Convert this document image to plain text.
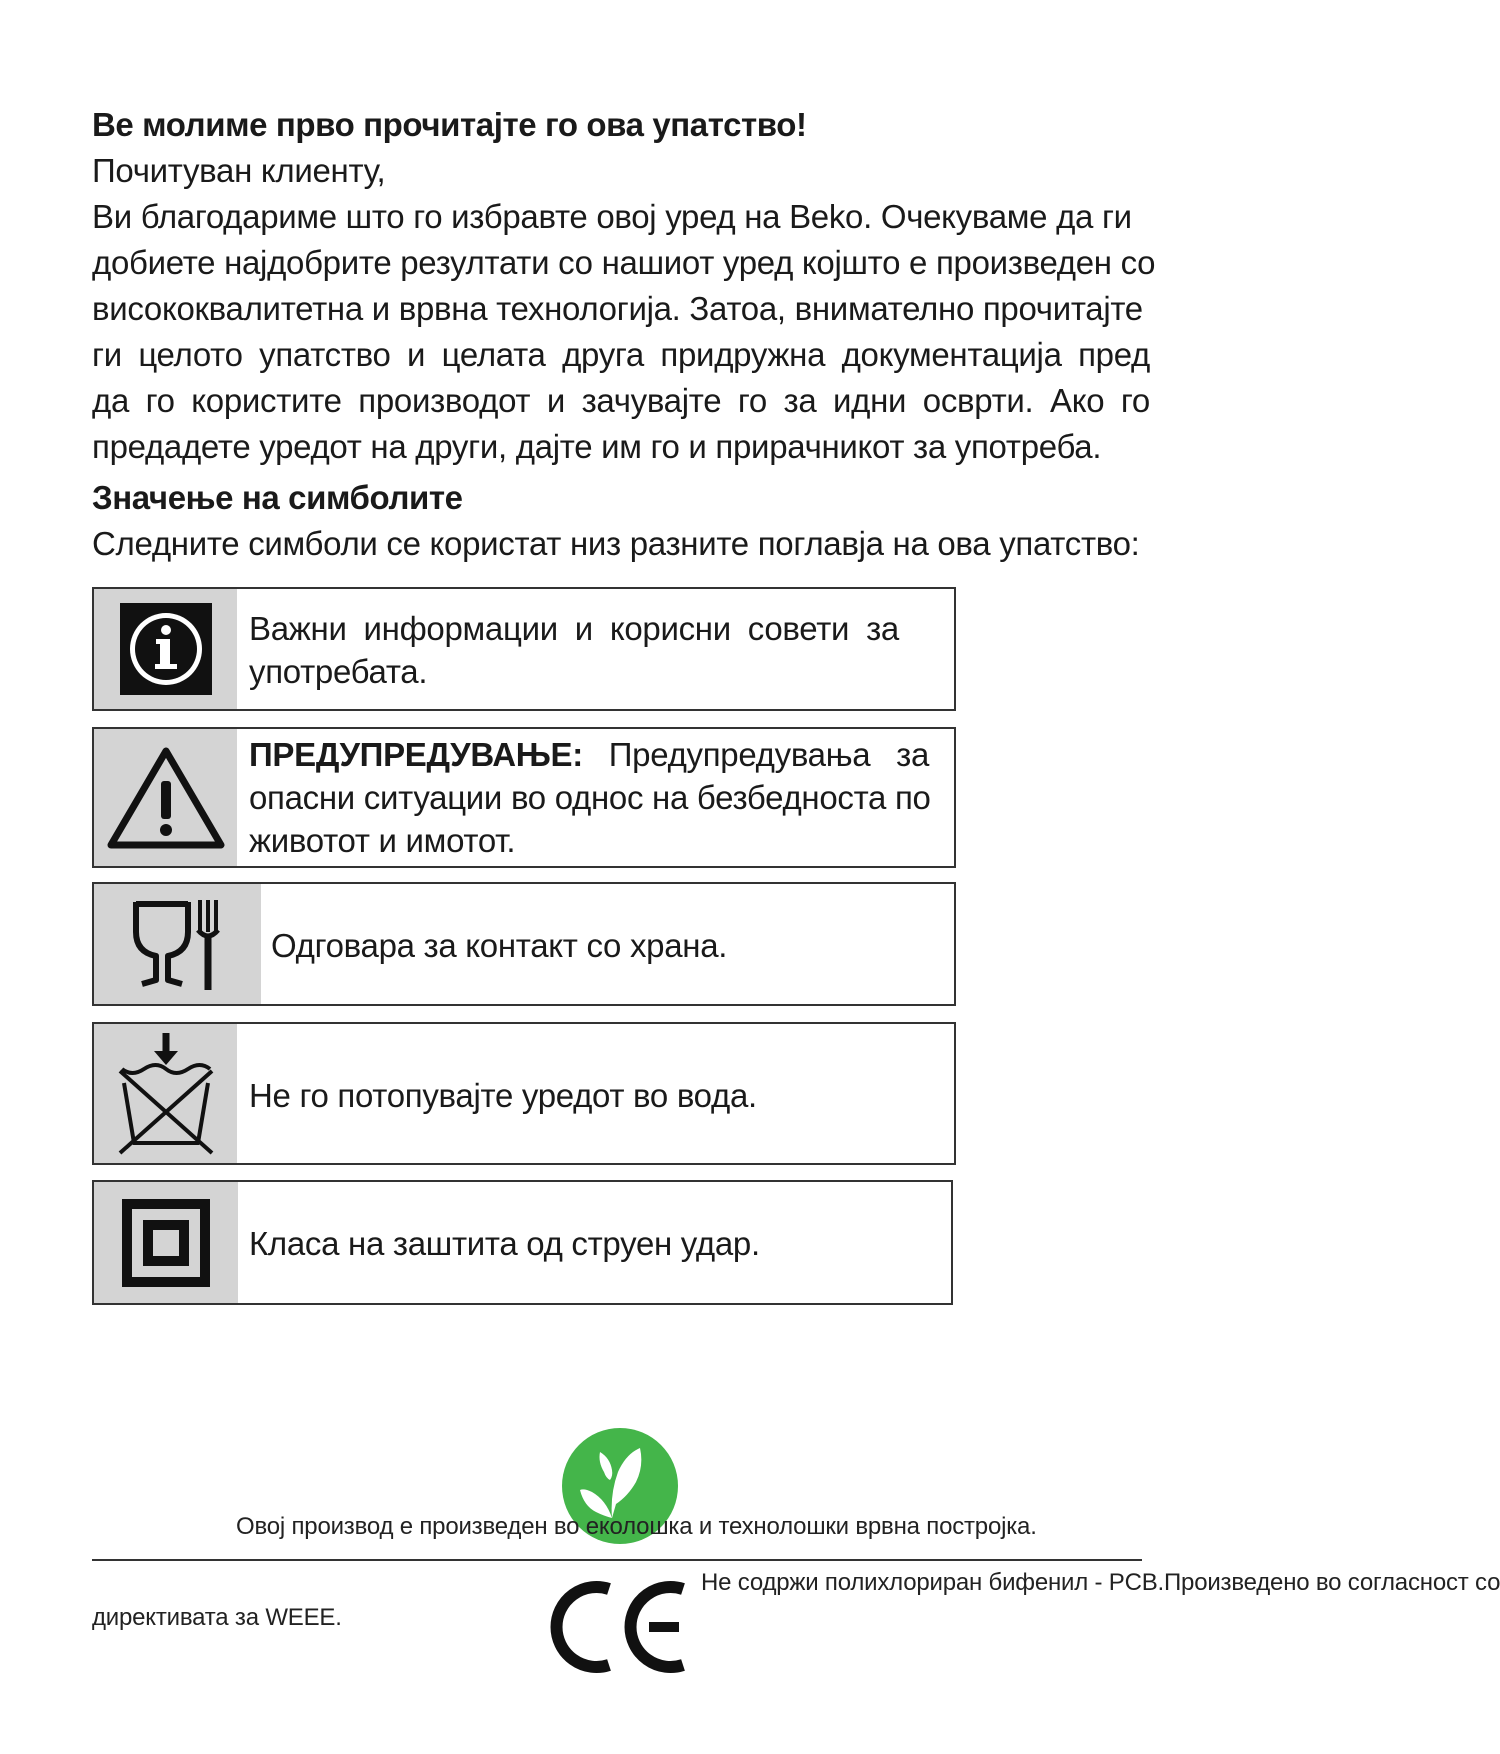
Ве молиме прво прочитајте го ова упатство!
Почитуван клиенту,
Ви благодариме што го избравте овој уред на Beko. Очекуваме да ги
добиете најдобрите резултати со нашиот уред којшто е произведен со
висококвалитетна и врвна технологија. Затоа, внимателно прочитајте
ги целото упатство и целата друга придружна документација пред
да го користите производот и зачувајте го за идни осврти. Ако го
предадете уредот на други, дајте им го и прирачникот за употреба.
Значење на симболите
Следните симболи се користат низ разните поглавја на ова упатство:
Важни информации и корисни совети за
употребата.
ПРЕДУПРЕДУВАЊЕ: Предупредувања за
опасни ситуации во однос на безбедноста по
животот и имотот.
Одговара за контакт со храна.
Не го потопувајте уредот во вода.
Класа на заштита од струен удар.
Овој производ е произведен во еколошка и технолошки врвна постројка.
Не содржи полихлориран бифенил - PCB.Произведено во согласност со
директивата за WEEE.
